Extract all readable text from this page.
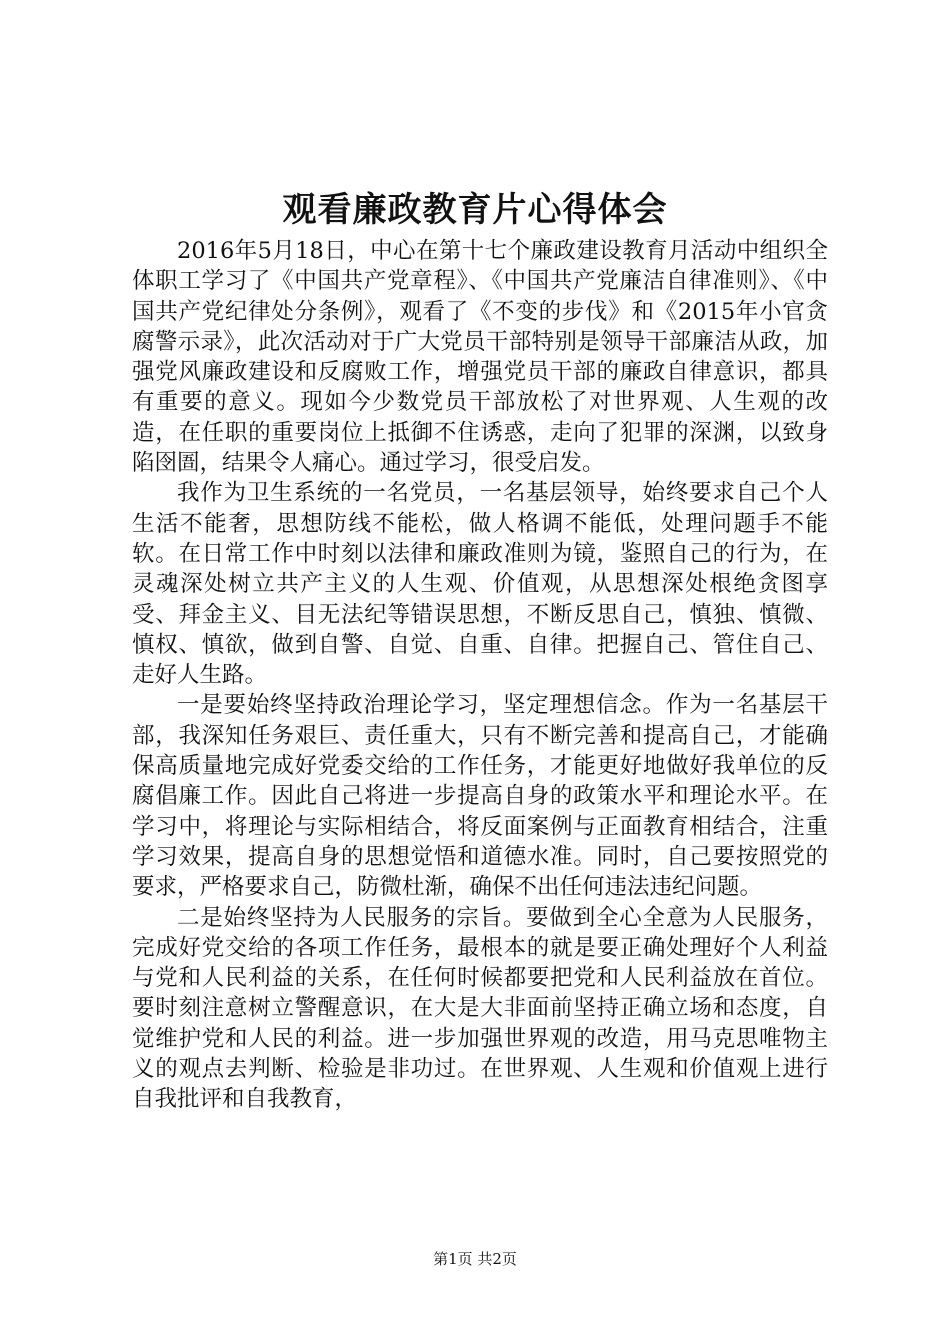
观看廉政教育片心得体会

2016年5月18日，中心在第十七个廉政建设教育月活动中组织全体职工学习了《中国共产党章程》、《中国共产党廉洁自律准则》、《中国共产党纪律处分条例》，观看了《不变的步伐》和《2015年小官贪腐警示录》，此次活动对于广大党员干部特别是领导干部廉洁从政，加强党风廉政建设和反腐败工作，增强党员干部的廉政自律意识，都具有重要的意义。现如今少数党员干部放松了对世界观、人生观的改造，在任职的重要岗位上抵御不住诱惑，走向了犯罪的深渊，以致身陷囹圄，结果令人痛心。通过学习，很受启发。

我作为卫生系统的一名党员，一名基层领导，始终要求自己个人生活不能奢，思想防线不能松，做人格调不能低，处理问题手不能软。在日常工作中时刻以法律和廉政准则为镜，鉴照自己的行为，在灵魂深处树立共产主义的人生观、价值观，从思想深处根绝贪图享受、拜金主义、目无法纪等错误思想，不断反思自己，慎独、慎微、慎权、慎欲，做到自警、自觉、自重、自律。把握自己、管住自己、走好人生路。

一是要始终坚持政治理论学习，坚定理想信念。作为一名基层干部，我深知任务艰巨、责任重大，只有不断完善和提高自己，才能确保高质量地完成好党委交给的工作任务，才能更好地做好我单位的反腐倡廉工作。因此自己将进一步提高自身的政策水平和理论水平。在学习中，将理论与实际相结合，将反面案例与正面教育相结合，注重学习效果，提高自身的思想觉悟和道德水准。同时，自己要按照党的要求，严格要求自己，防微杜渐，确保不出任何违法违纪问题。

二是始终坚持为人民服务的宗旨。要做到全心全意为人民服务，完成好党交给的各项工作任务，最根本的就是要正确处理好个人利益与党和人民利益的关系，在任何时候都要把党和人民利益放在首位。要时刻注意树立警醒意识，在大是大非面前坚持正确立场和态度，自觉维护党和人民的利益。进一步加强世界观的改造，用马克思唯物主义的观点去判断、检验是非功过。在世界观、人生观和价值观上进行自我批评和自我教育，

第1页 共2页
